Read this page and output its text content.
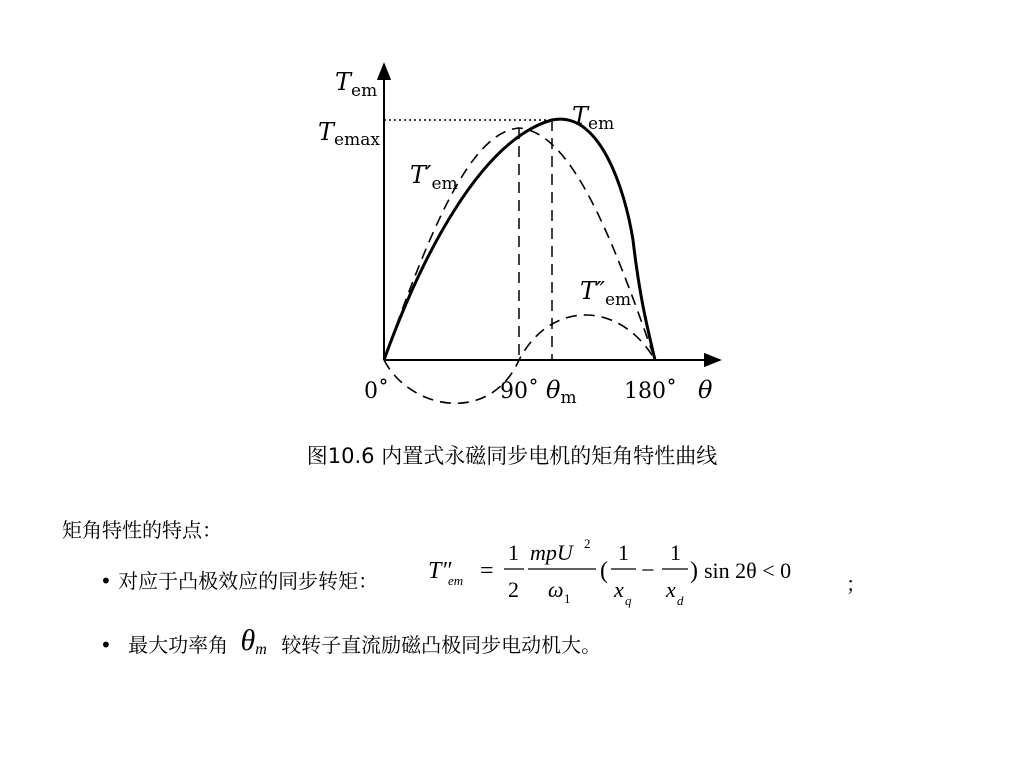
$T_{em}$
$T_{emax}$
$T_{em}$
$T'_{em}$
$T''_{em}$
0˚	90˚ $\theta_m$ 180˚ θ
图10.6 内置式永磁同步电机的矩角特性曲线
矩角特性的特点：
• 对应于凸极效应的同步转矩： T″
em =
1
2
mpU 2
ω 1
(
1
x q
−
1
x d
) sin 2θ < 0
；
• 最大功率角 θm 较转子直流励磁凸极同步电动机大。
